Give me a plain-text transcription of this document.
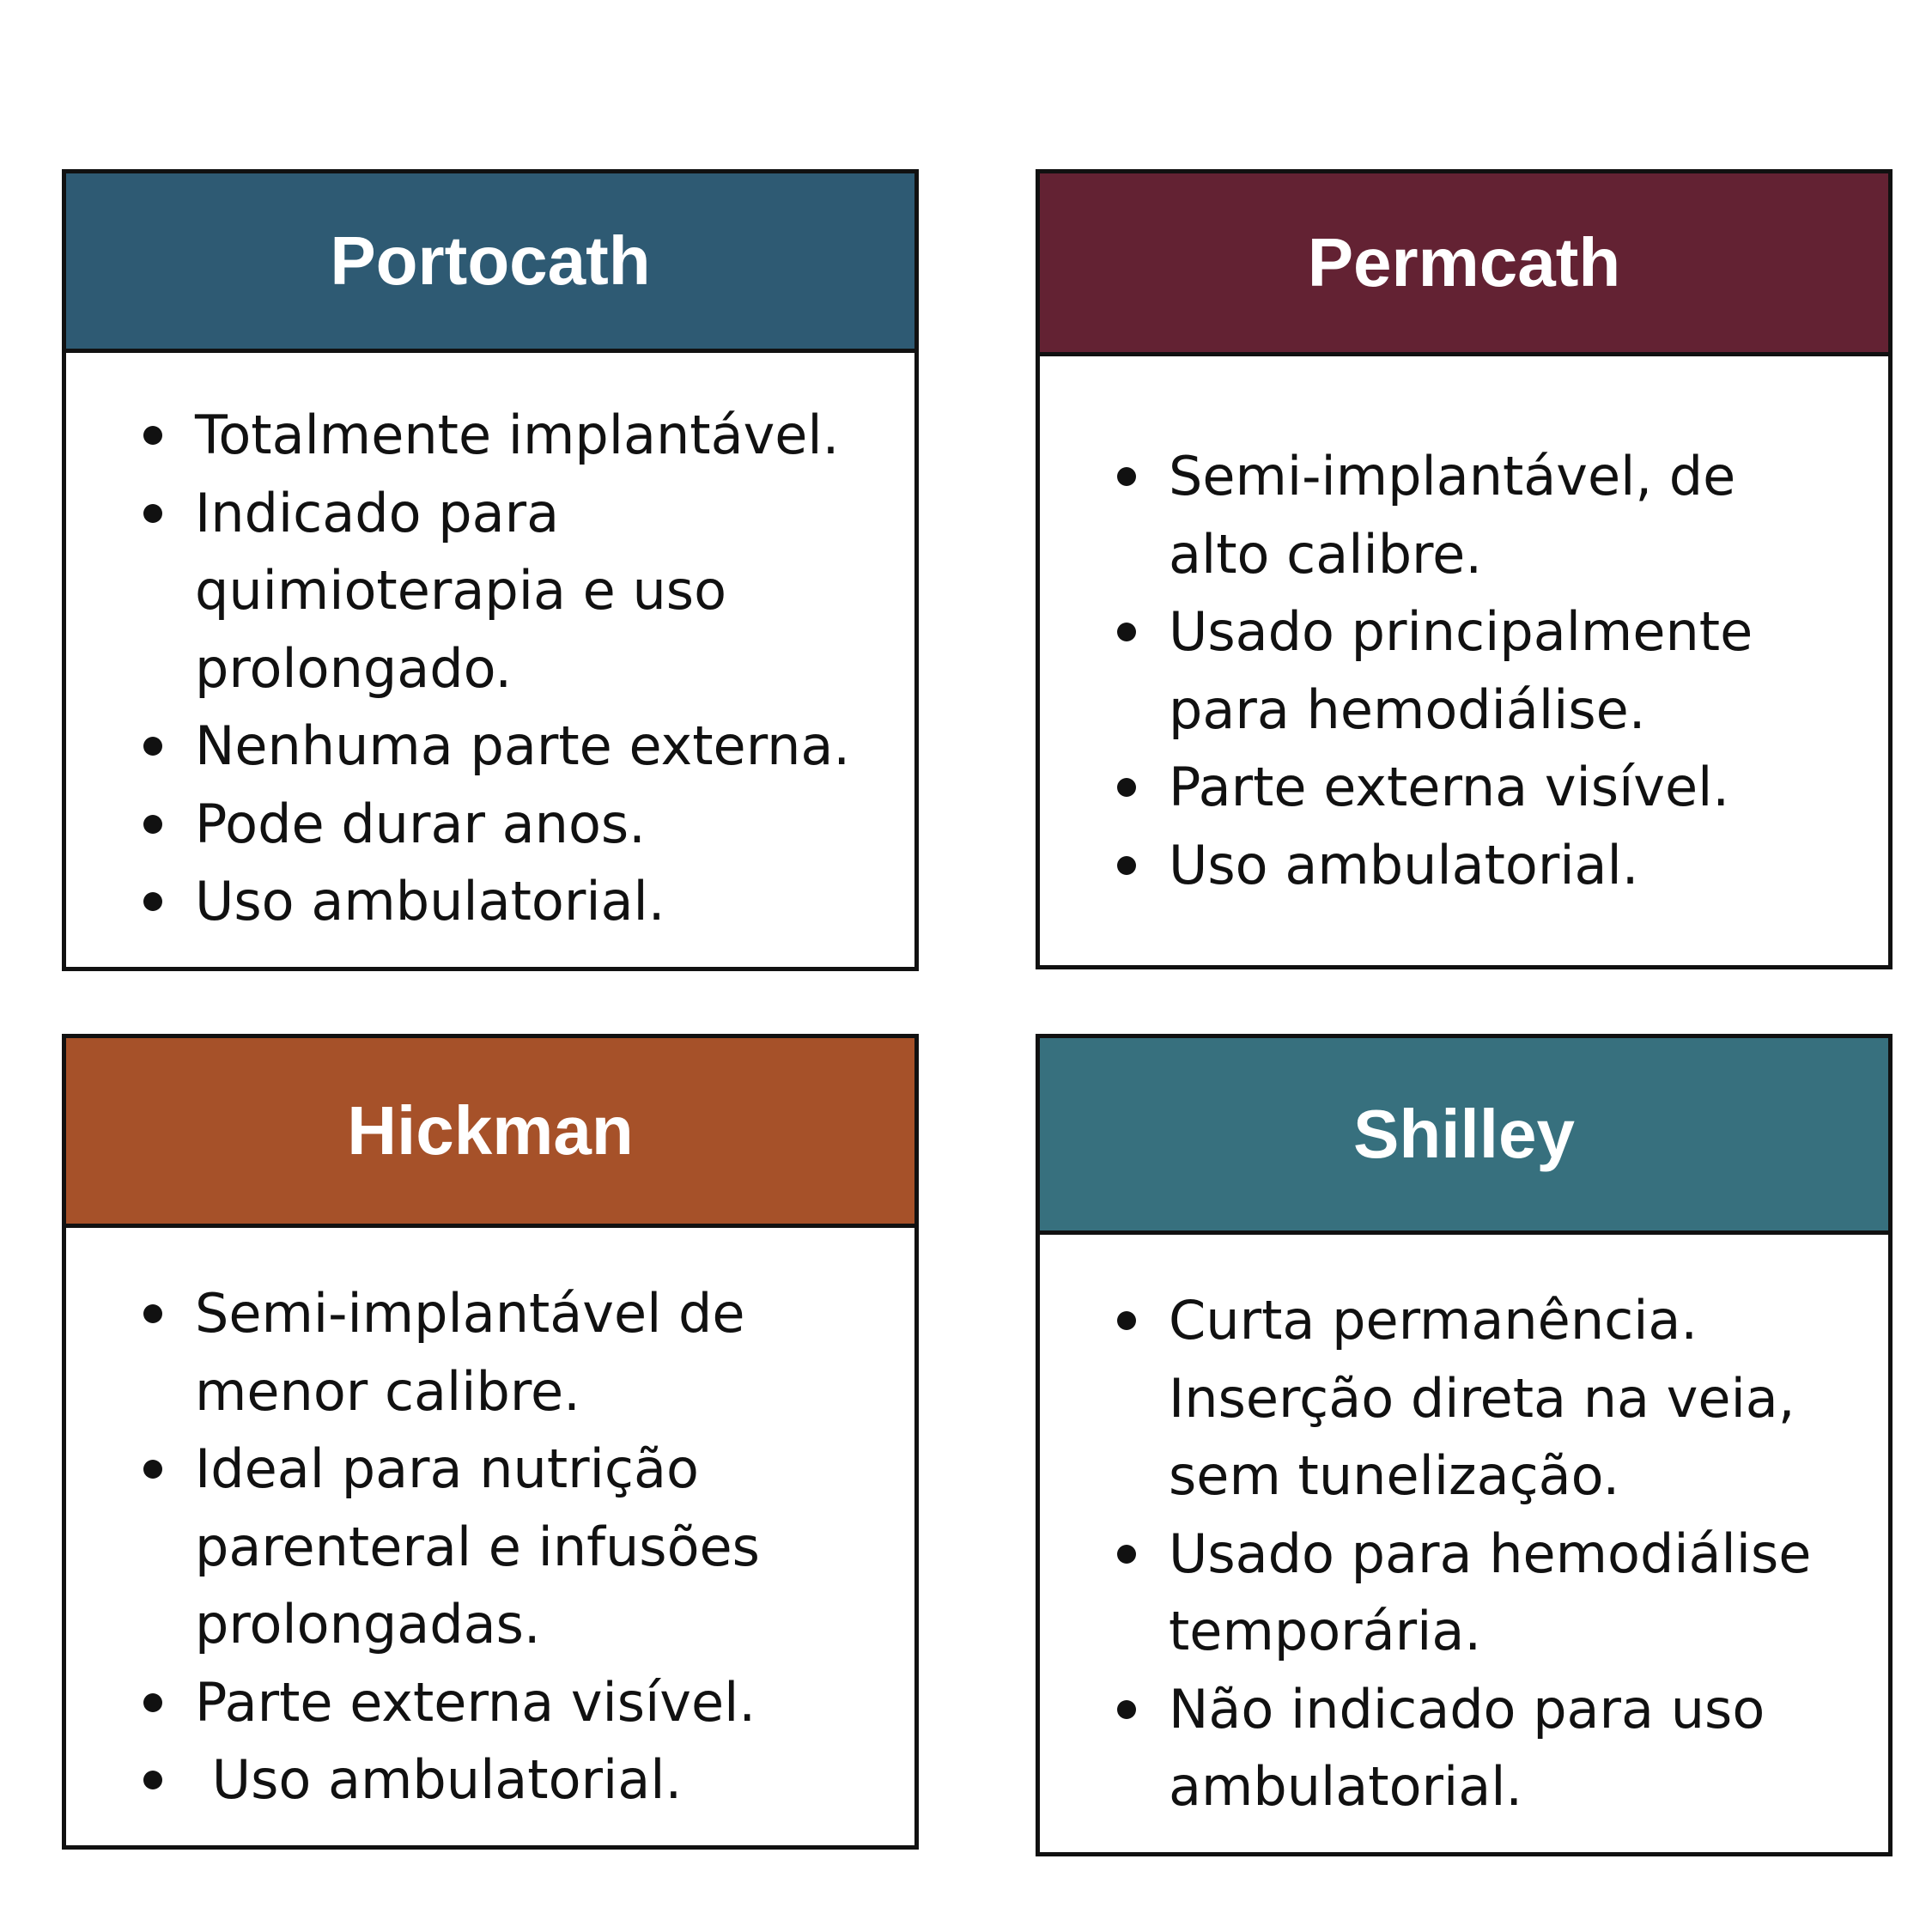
Portocath
Totalmente implantável.
Indicado para quimioterapia e uso prolongado.
Nenhuma parte externa.
Pode durar anos.
Uso ambulatorial.
Permcath
Semi-implantável, de alto calibre.
Usado principalmente para hemodiálise.
Parte externa visível.
Uso ambulatorial.
Hickman
Semi-implantável de menor calibre.
Ideal para nutrição parenteral e infusões prolongadas.
Parte externa visível.
Uso ambulatorial.
Shilley
Curta permanência.
Inserção direta na veia, sem tunelização.
Usado para hemodiálise temporária.
Não indicado para uso ambulatorial.
